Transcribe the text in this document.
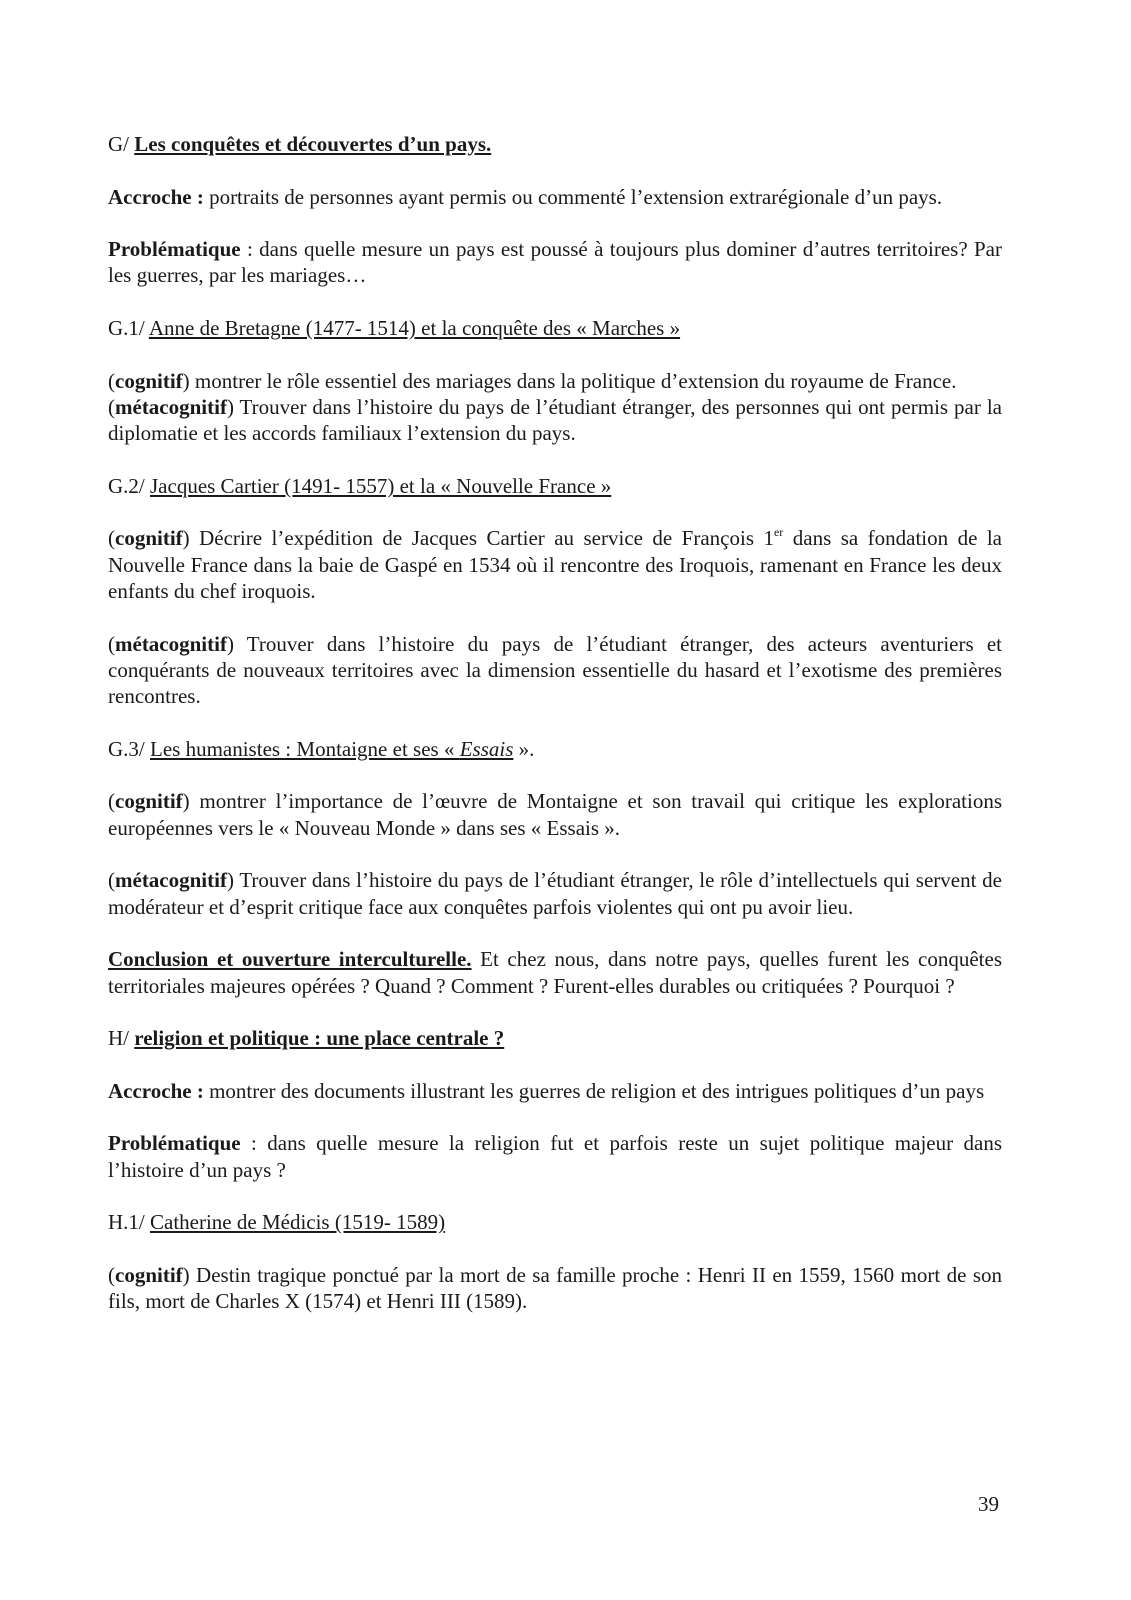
G/ Les conquêtes et découvertes d’un pays.

Accroche : portraits de personnes ayant permis ou commenté l’extension extrarégionale d’un pays.

Problématique : dans quelle mesure un pays est poussé à toujours plus dominer d’autres territoires? Par les guerres, par les mariages…

G.1/ Anne de Bretagne (1477- 1514) et la conquête des « Marches »

(cognitif) montrer le rôle essentiel des mariages dans la politique d’extension du royaume de France.

(métacognitif) Trouver dans l’histoire du pays de l’étudiant étranger, des personnes qui ont permis par la diplomatie et les accords familiaux l’extension du pays.

G.2/ Jacques Cartier (1491- 1557) et la « Nouvelle France »

(cognitif) Décrire l’expédition de Jacques Cartier au service de François 1er dans sa fondation de la Nouvelle France dans la baie de Gaspé en 1534 où il rencontre des Iroquois, ramenant en France les deux enfants du chef iroquois.

(métacognitif) Trouver dans l’histoire du pays de l’étudiant étranger, des acteurs aventuriers et conquérants de nouveaux territoires avec la dimension essentielle du hasard et l’exotisme des premières rencontres.

G.3/ Les humanistes : Montaigne et ses « Essais ».

(cognitif) montrer l’importance de l’œuvre de Montaigne et son travail qui critique les explorations européennes vers le « Nouveau Monde » dans ses « Essais ».

(métacognitif) Trouver dans l’histoire du pays de l’étudiant étranger, le rôle d’intellectuels qui servent de modérateur et d’esprit critique face aux conquêtes parfois violentes qui ont pu avoir lieu.

Conclusion et ouverture interculturelle. Et chez nous, dans notre pays, quelles furent les conquêtes territoriales majeures opérées ? Quand ? Comment ? Furent-elles durables ou critiquées ? Pourquoi ?

H/ religion et politique : une place centrale ?

Accroche : montrer des documents illustrant les guerres de religion et des intrigues politiques d’un pays

Problématique : dans quelle mesure la religion fut et parfois reste un sujet politique majeur dans l’histoire d’un pays ?

H.1/ Catherine de Médicis (1519- 1589)

(cognitif) Destin tragique ponctué par la mort de sa famille proche : Henri II en 1559, 1560 mort de son fils, mort de Charles X (1574) et Henri III (1589).

39
